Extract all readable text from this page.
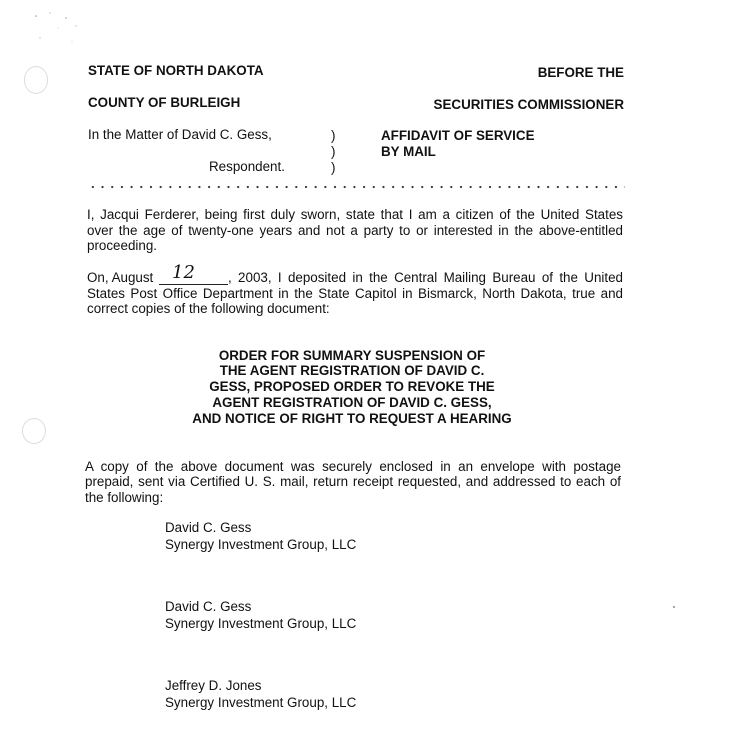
STATE OF NORTH DAKOTA
COUNTY OF BURLEIGH
BEFORE THE
SECURITIES COMMISSIONER
In the Matter of David C. Gess,
Respondent.
)
)
)
AFFIDAVIT OF SERVICE
BY MAIL
I, Jacqui Ferderer, being first duly sworn, state that I am a citizen of the United States
over the age of twenty-one years and not a party to or interested in the above-entitled
proceeding.
On, August 12 , 2003, I deposited in the Central Mailing Bureau of the United
States Post Office Department in the State Capitol in Bismarck, North Dakota, true and
correct copies of the following document:
ORDER FOR SUMMARY SUSPENSION OF
THE AGENT REGISTRATION OF DAVID C.
GESS, PROPOSED ORDER TO REVOKE THE
AGENT REGISTRATION OF DAVID C. GESS,
AND NOTICE OF RIGHT TO REQUEST A HEARING
A copy of the above document was securely enclosed in an envelope with postage
prepaid, sent via Certified U. S. mail, return receipt requested, and addressed to each of
the following:
David C. Gess
Synergy Investment Group, LLC
David C. Gess
Synergy Investment Group, LLC
Jeffrey D. Jones
Synergy Investment Group, LLC
